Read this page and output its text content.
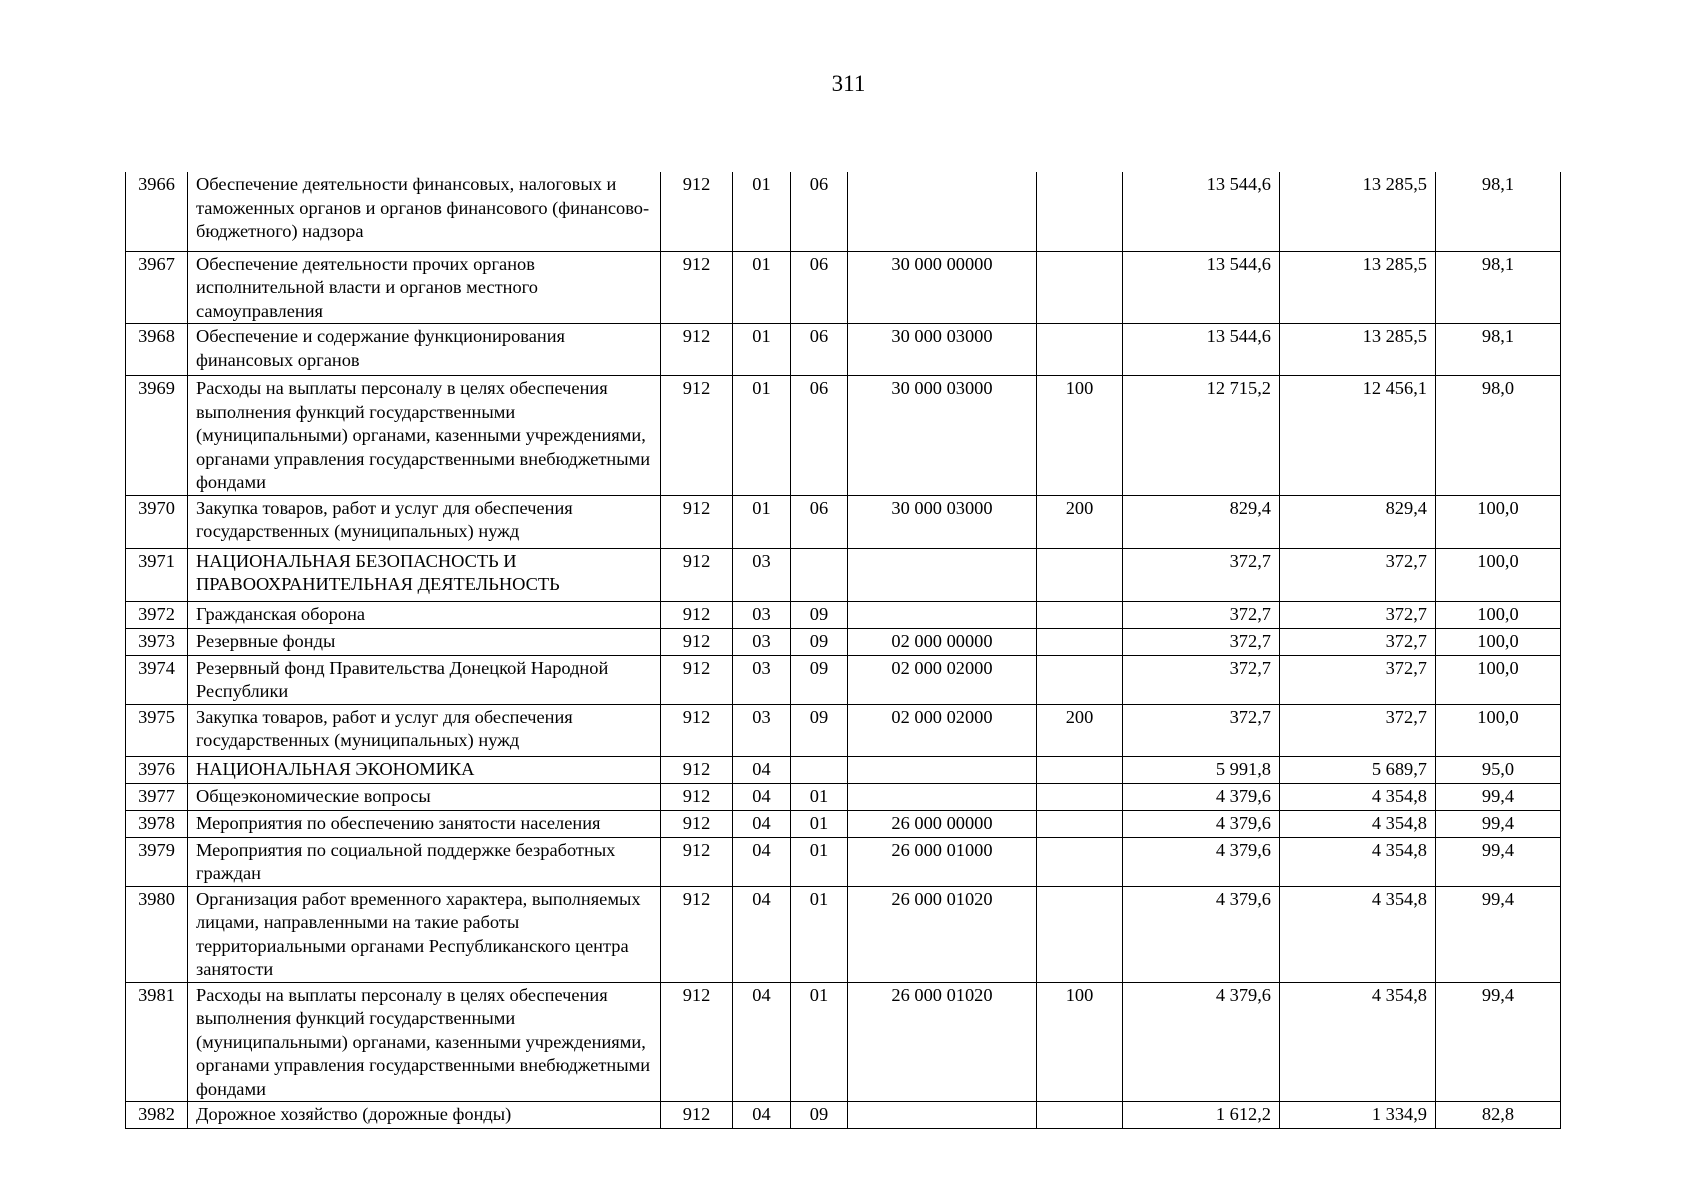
311
3966	Обеспечение деятельности финансовых, налоговых и таможенных органов и органов финансового (финансово-бюджетного) надзора	912	01	06			13 544,6	13 285,5	98,1
3967	Обеспечение деятельности прочих органов исполнительной власти и органов местного самоуправления	912	01	06	30 000 00000		13 544,6	13 285,5	98,1
3968	Обеспечение и содержание функционирования финансовых органов	912	01	06	30 000 03000		13 544,6	13 285,5	98,1
3969	Расходы на выплаты персоналу в целях обеспечения выполнения функций государственными (муниципальными) органами, казенными учреждениями, органами управления государственными внебюджетными фондами	912	01	06	30 000 03000	100	12 715,2	12 456,1	98,0
3970	Закупка товаров, работ и услуг для обеспечения государственных (муниципальных) нужд	912	01	06	30 000 03000	200	829,4	829,4	100,0
3971	НАЦИОНАЛЬНАЯ БЕЗОПАСНОСТЬ И ПРАВООХРАНИТЕЛЬНАЯ ДЕЯТЕЛЬНОСТЬ	912	03				372,7	372,7	100,0
3972	Гражданская оборона	912	03	09			372,7	372,7	100,0
3973	Резервные фонды	912	03	09	02 000 00000		372,7	372,7	100,0
3974	Резервный фонд Правительства Донецкой Народной Республики	912	03	09	02 000 02000		372,7	372,7	100,0
3975	Закупка товаров, работ и услуг для обеспечения государственных (муниципальных) нужд	912	03	09	02 000 02000	200	372,7	372,7	100,0
3976	НАЦИОНАЛЬНАЯ ЭКОНОМИКА	912	04				5 991,8	5 689,7	95,0
3977	Общеэкономические вопросы	912	04	01			4 379,6	4 354,8	99,4
3978	Мероприятия по обеспечению занятости населения	912	04	01	26 000 00000		4 379,6	4 354,8	99,4
3979	Мероприятия по социальной поддержке безработных граждан	912	04	01	26 000 01000		4 379,6	4 354,8	99,4
3980	Организация работ временного характера, выполняемых лицами, направленными на такие работы территориальными органами Республиканского центра занятости	912	04	01	26 000 01020		4 379,6	4 354,8	99,4
3981	Расходы на выплаты персоналу в целях обеспечения выполнения функций государственными (муниципальными) органами, казенными учреждениями, органами управления государственными внебюджетными фондами	912	04	01	26 000 01020	100	4 379,6	4 354,8	99,4
3982	Дорожное хозяйство (дорожные фонды)	912	04	09			1 612,2	1 334,9	82,8
